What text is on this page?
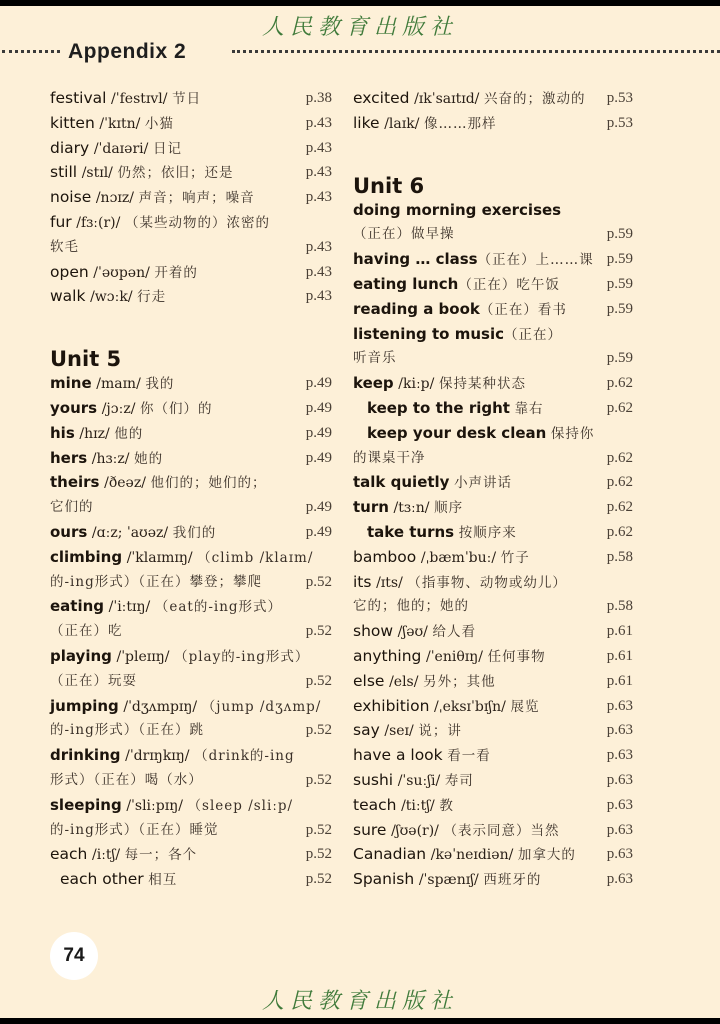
人民教育出版社
Appendix 2
festival /ˈfestɪvl/ 节日	p.38
kitten /ˈkɪtn/ 小猫	p.43
diary /ˈdaɪəri/ 日记	p.43
still /stɪl/ 仍然；依旧；还是	p.43
noise /nɔɪz/ 声音；响声；噪音	p.43
fur /fɜː(r)/ （某些动物的）浓密的
软毛	p.43
open /ˈəʊpən/ 开着的	p.43
walk /wɔːk/ 行走	p.43
Unit 5
mine /maɪn/ 我的	p.49
yours /jɔːz/ 你（们）的	p.49
his /hɪz/ 他的	p.49
hers /hɜːz/ 她的	p.49
theirs /ðeəz/ 他们的；她们的；
它们的	p.49
ours /ɑːz; ˈaʊəz/ 我们的	p.49
climbing /ˈklaɪmɪŋ/ （climb /klaɪm/
的-ing形式）（正在）攀登；攀爬	p.52
eating /ˈiːtɪŋ/ （eat的-ing形式）
（正在）吃	p.52
playing /ˈpleɪɪŋ/ （play的-ing形式）
（正在）玩耍	p.52
jumping /ˈdʒʌmpɪŋ/ （jump /dʒʌmp/
的-ing形式）（正在）跳	p.52
drinking /ˈdrɪŋkɪŋ/ （drink的-ing
形式）（正在）喝（水）	p.52
sleeping /ˈsliːpɪŋ/ （sleep /sliːp/
的-ing形式）（正在）睡觉	p.52
each /iːtʃ/ 每一；各个	p.52
each other 相互	p.52
excited /ɪkˈsaɪtɪd/ 兴奋的；激动的 p.53
like /laɪk/ 像……那样	p.53
Unit 6
doing morning exercises
（正在）做早操	p.59
having … class（正在）上……课 p.59
eating lunch（正在）吃午饭	p.59
reading a book（正在）看书	p.59
listening to music（正在）
听音乐	p.59
keep /kiːp/ 保持某种状态	p.62
keep to the right 靠右	p.62
keep your desk clean 保持你
的课桌干净	p.62
talk quietly 小声讲话	p.62
turn /tɜːn/ 顺序	p.62
take turns 按顺序来	p.62
bamboo /ˌbæmˈbuː/ 竹子	p.58
its /ɪts/ （指事物、动物或幼儿）
它的；他的；她的	p.58
show /ʃəʊ/ 给人看	p.61
anything /ˈeniθɪŋ/ 任何事物	p.61
else /els/ 另外；其他	p.61
exhibition /ˌeksɪˈbɪʃn/ 展览	p.63
say /seɪ/ 说；讲	p.63
have a look 看一看	p.63
sushi /ˈsuːʃi/ 寿司	p.63
teach /tiːtʃ/ 教	p.63
sure /ʃʊə(r)/ （表示同意）当然	p.63
Canadian /kəˈneɪdiən/ 加拿大的 p.63
Spanish /ˈspænɪʃ/ 西班牙的	p.63
74
人民教育出版社
